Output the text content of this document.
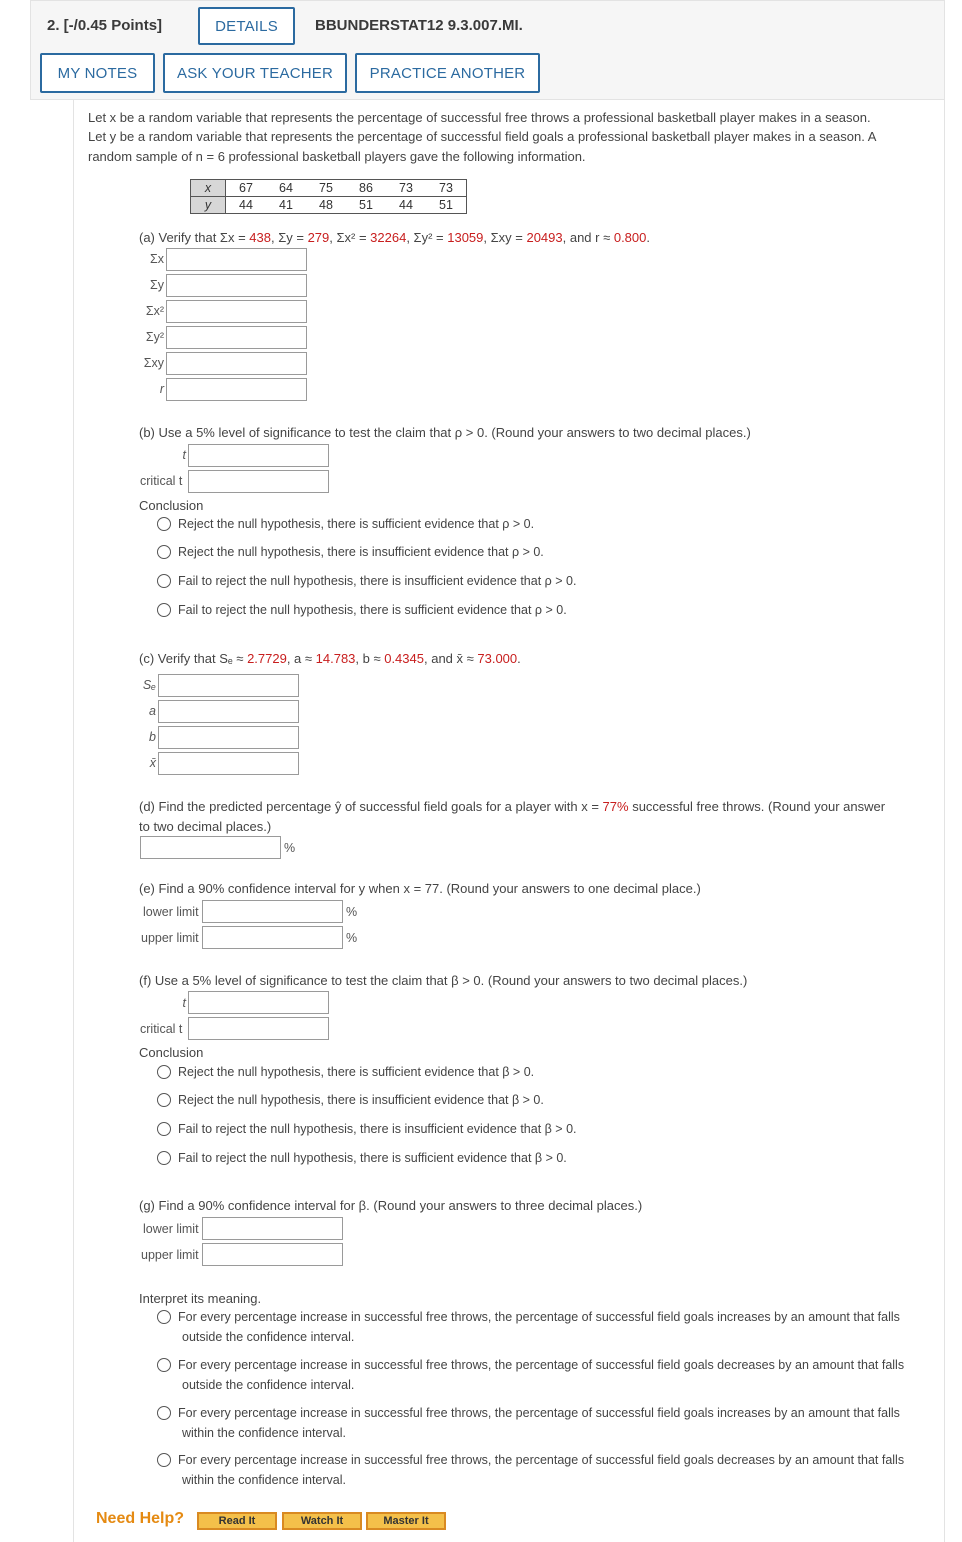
2. [-/0.45 Points]	DETAILS	BBUNDERSTAT12 9.3.007.MI.
MY NOTES	ASK YOUR TEACHER	PRACTICE ANOTHER
Let x be a random variable that represents the percentage of successful free throws a professional basketball player makes in a season.
Let y be a random variable that represents the percentage of successful field goals a professional basketball player makes in a season. A
random sample of n = 6 professional basketball players gave the following information.
x	67	64	75	86	73	73
y	44	41	48	51	44	51
(a) Verify that Σx = 438, Σy = 279, Σx² = 32264, Σy² = 13059, Σxy = 20493, and r ≈ 0.800.
Σx
Σy
Σx²
Σy²
Σxy
r
(b) Use a 5% level of significance to test the claim that ρ > 0. (Round your answers to two decimal places.)
t
critical t
Conclusion
Reject the null hypothesis, there is sufficient evidence that ρ > 0.
Reject the null hypothesis, there is insufficient evidence that ρ > 0.
Fail to reject the null hypothesis, there is insufficient evidence that ρ > 0.
Fail to reject the null hypothesis, there is sufficient evidence that ρ > 0.
(c) Verify that Sₑ ≈ 2.7729, a ≈ 14.783, b ≈ 0.4345, and x̄ ≈ 73.000.
Sₑ
a
b
x̄
(d) Find the predicted percentage ŷ of successful field goals for a player with x = 77% successful free throws. (Round your answer
to two decimal places.)
%
(e) Find a 90% confidence interval for y when x = 77. (Round your answers to one decimal place.)
lower limit	%
upper limit	%
(f) Use a 5% level of significance to test the claim that β > 0. (Round your answers to two decimal places.)
t
critical t
Conclusion
Reject the null hypothesis, there is sufficient evidence that β > 0.
Reject the null hypothesis, there is insufficient evidence that β > 0.
Fail to reject the null hypothesis, there is insufficient evidence that β > 0.
Fail to reject the null hypothesis, there is sufficient evidence that β > 0.
(g) Find a 90% confidence interval for β. (Round your answers to three decimal places.)
lower limit
upper limit
Interpret its meaning.
For every percentage increase in successful free throws, the percentage of successful field goals increases by an amount that falls
outside the confidence interval.
For every percentage increase in successful free throws, the percentage of successful field goals decreases by an amount that falls
outside the confidence interval.
For every percentage increase in successful free throws, the percentage of successful field goals increases by an amount that falls
within the confidence interval.
For every percentage increase in successful free throws, the percentage of successful field goals decreases by an amount that falls
within the confidence interval.
Need Help?	Read It	Watch It	Master It
